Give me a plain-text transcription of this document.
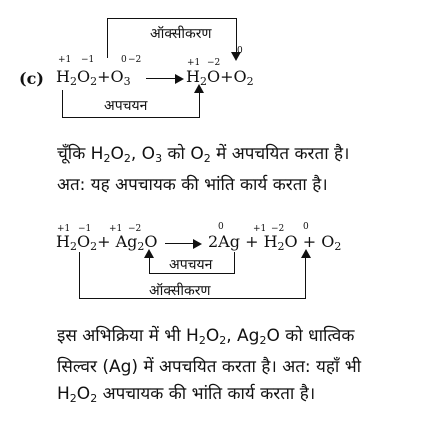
(c)
+1 −1	0 −2	+1 −2
0
$H_2O_2+O_3$	$H_2O+O_2$
ऑक्सीकरण
अपचयन
चूँकि $H_2O_2$, $O_3$ को $O_2$ में अपचयित करता है।
अत: यह अपचायक की भांति कार्य करता है।
+1 −1 +1 −2	0	+1 −2 0
$H_2O_2+ Ag_2O$	$2Ag + H_2O + O_2$
अपचयन
ऑक्सीकरण
इस अभिक्रिया में भी $H_2O_2$, $Ag_2O$ को धात्विक
सिल्वर (Ag) में अपचयित करता है। अत: यहाँ भी
$H_2O_2$ अपचायक की भांति कार्य करता है।
